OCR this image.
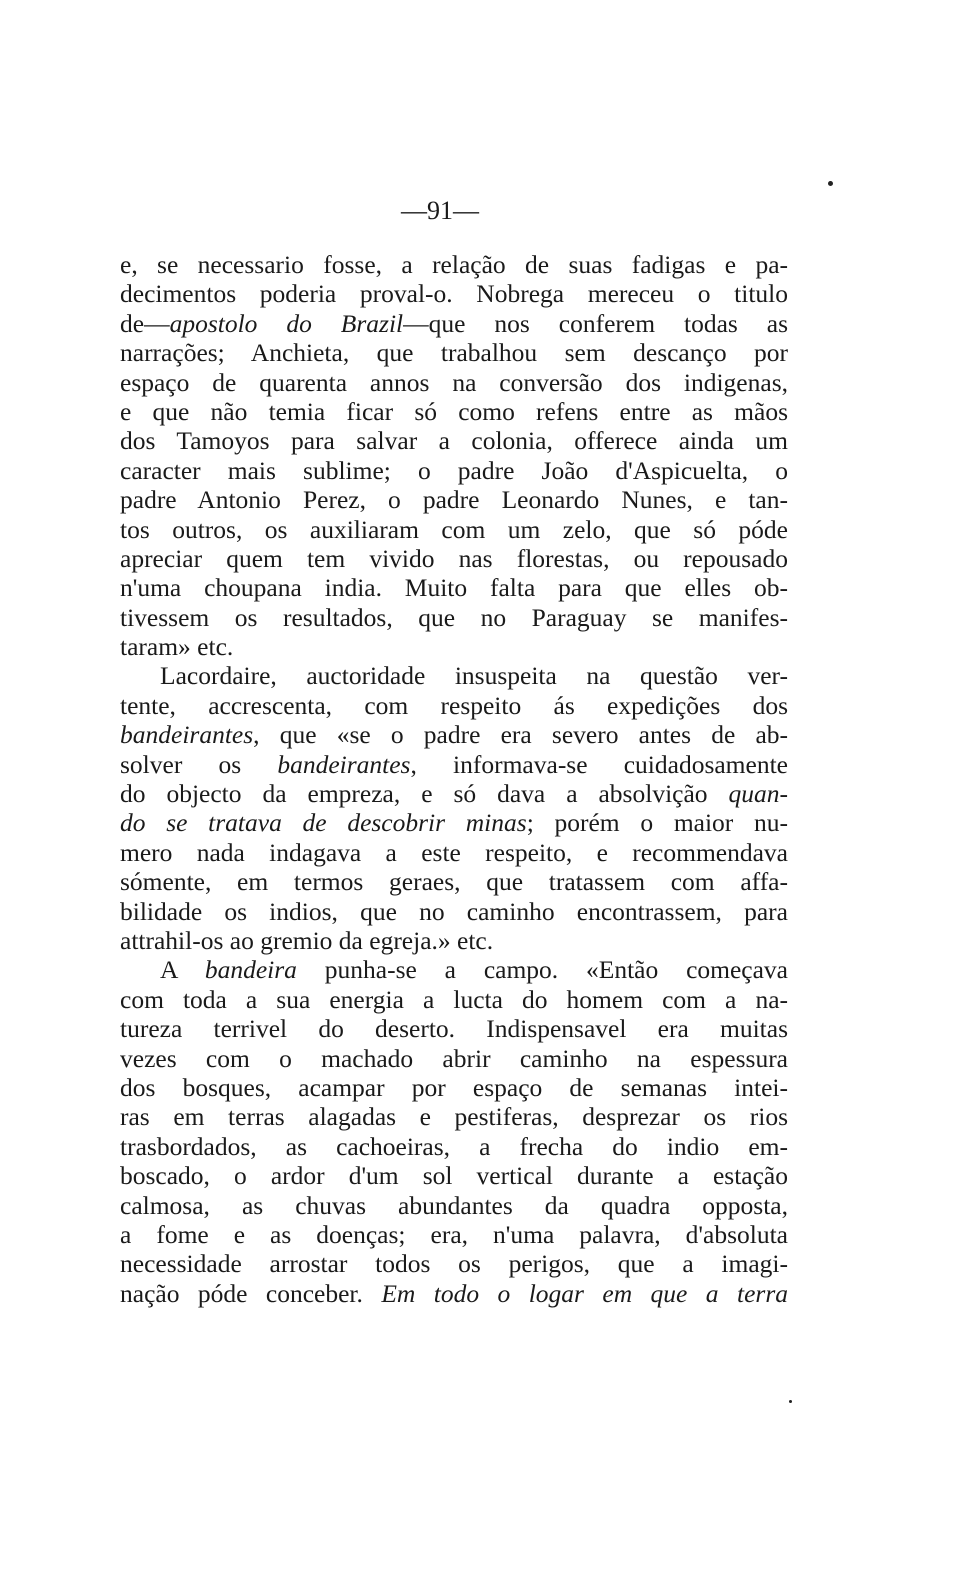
—91—
e, se necessario fosse, a relação de suas fadigas e pa-
decimentos poderia proval-o. Nobrega mereceu o titulo
de—apostolo do Brazil—que nos conferem todas as
narrações; Anchieta, que trabalhou sem descanço por
espaço de quarenta annos na conversão dos indigenas,
e que não temia ficar só como refens entre as mãos
dos Tamoyos para salvar a colonia, offerece ainda um
caracter mais sublime; o padre João d'Aspicuelta, o
padre Antonio Perez, o padre Leonardo Nunes, e tan-
tos outros, os auxiliaram com um zelo, que só póde
apreciar quem tem vivido nas florestas, ou repousado
n'uma choupana india. Muito falta para que elles ob-
tivessem os resultados, que no Paraguay se manifes-
taram» etc.
Lacordaire, auctoridade insuspeita na questão ver-
tente, accrescenta, com respeito ás expedições dos
bandeirantes, que «se o padre era severo antes de ab-
solver os bandeirantes, informava-se cuidadosamente
do objecto da empreza, e só dava a absolvição quan-
do se tratava de descobrir minas; porém o maior nu-
mero nada indagava a este respeito, e recommendava
sómente, em termos geraes, que tratassem com affa-
bilidade os indios, que no caminho encontrassem, para
attrahil-os ao gremio da egreja.» etc.
A bandeira punha-se a campo. «Então começava
com toda a sua energia a lucta do homem com a na-
tureza terrivel do deserto. Indispensavel era muitas
vezes com o machado abrir caminho na espessura
dos bosques, acampar por espaço de semanas intei-
ras em terras alagadas e pestiferas, desprezar os rios
trasbordados, as cachoeiras, a frecha do indio em-
boscado, o ardor d'um sol vertical durante a estação
calmosa, as chuvas abundantes da quadra opposta,
a fome e as doenças; era, n'uma palavra, d'absoluta
necessidade arrostar todos os perigos, que a imagi-
nação póde conceber. Em todo o logar em que a terra
